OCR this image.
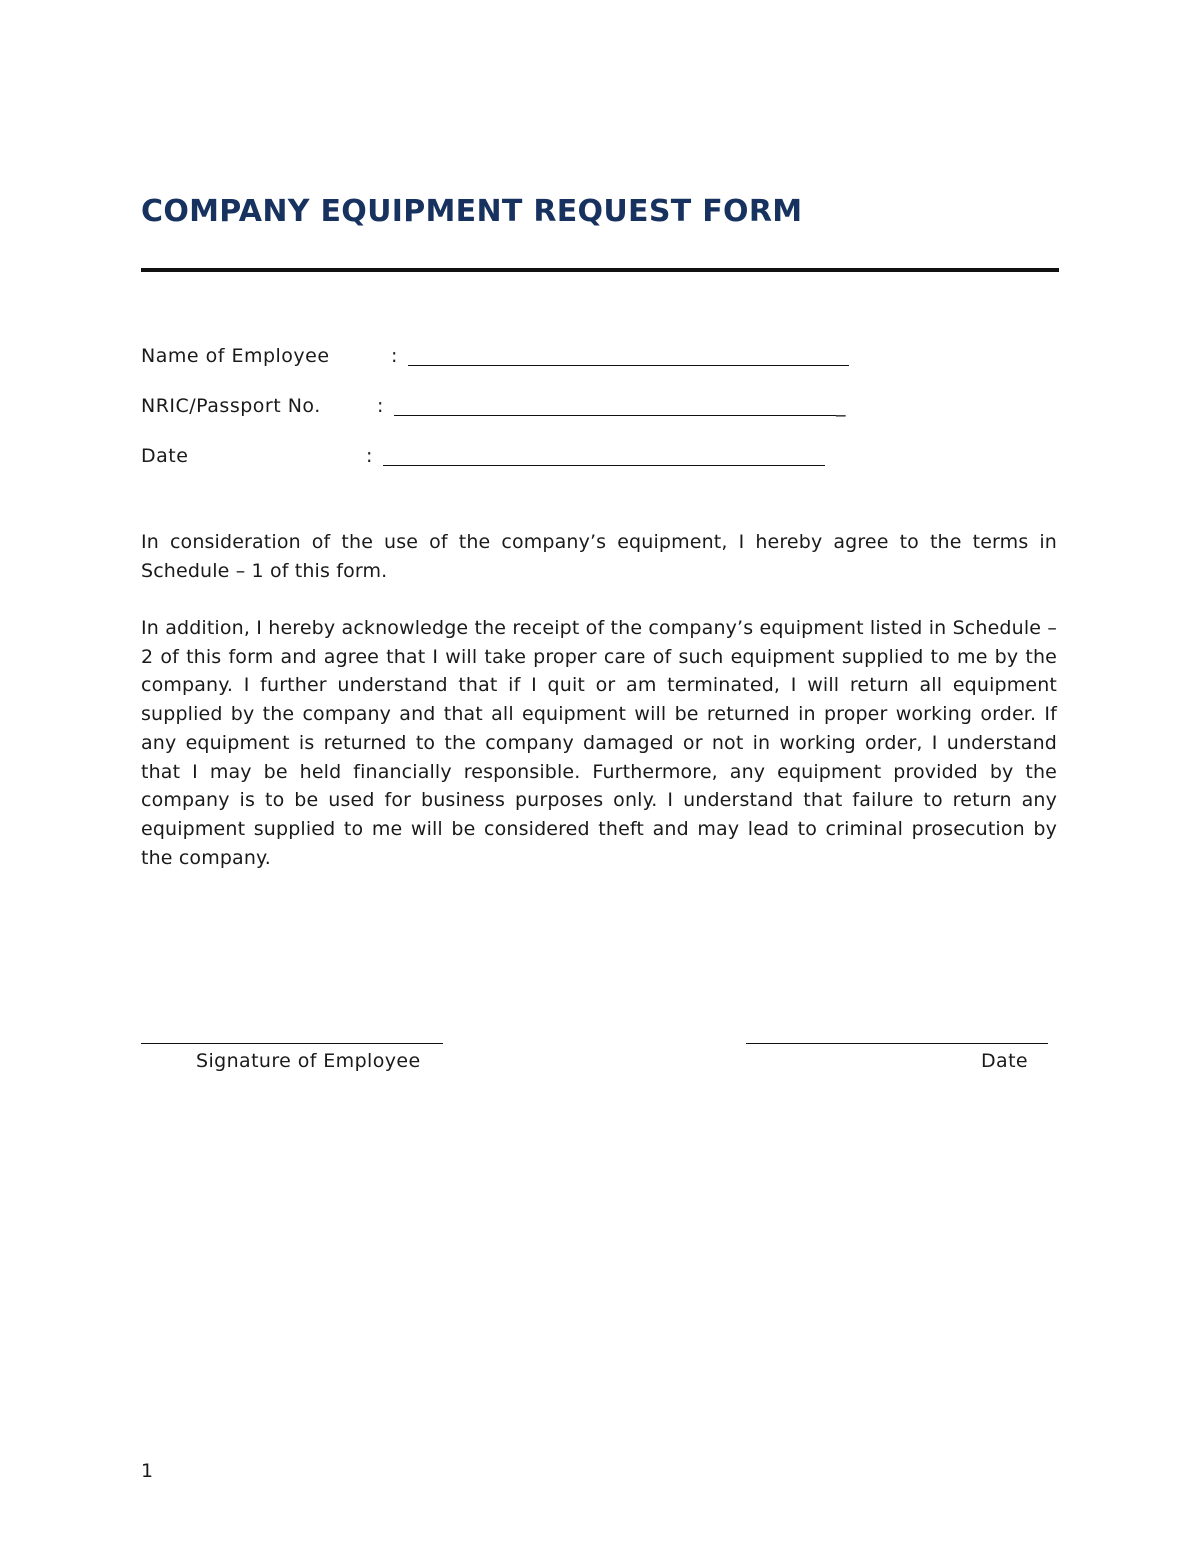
COMPANY EQUIPMENT REQUEST FORM
Name of Employee	:
NRIC/Passport No.	:	_
Date	:

In consideration of the use of the company’s equipment, I hereby agree to the terms in Schedule – 1 of this form.

In addition, I hereby acknowledge the receipt of the company’s equipment listed in Schedule – 2 of this form and agree that I will take proper care of such equipment supplied to me by the company. I further understand that if I quit or am terminated, I will return all equipment supplied by the company and that all equipment will be returned in proper working order. If any equipment is returned to the company damaged or not in working order, I understand that I may be held financially responsible. Furthermore, any equipment provided by the company is to be used for business purposes only. I understand that failure to return any equipment supplied to me will be considered theft and may lead to criminal prosecution by the company.

Signature of Employee	Date
1
